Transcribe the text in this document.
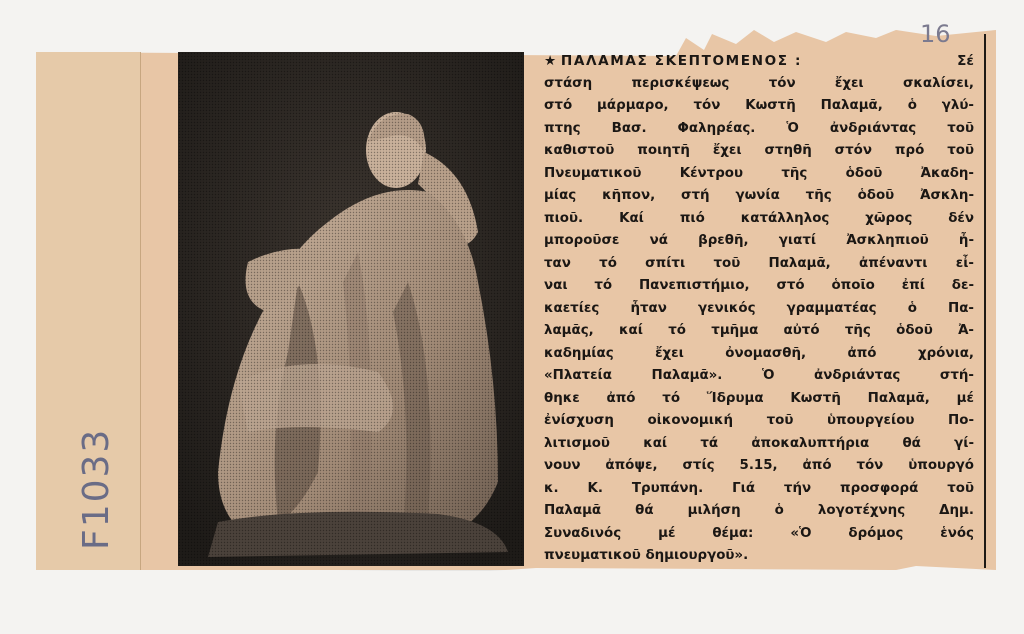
F1033
16
★ ΠΑΛΑΜΑΣ ΣΚΕΠΤΟΜΕΝΟΣ :	Σέ
στάση περισκέψεως τόν ἔχει σκαλίσει,
στό μάρμαρο, τόν Κωστῆ Παλαμᾶ, ὁ γλύ-
πτης Βασ. Φαληρέας. Ὁ ἀνδριάντας τοῦ
καθιστοῦ ποιητῆ ἔχει στηθῆ στόν πρό τοῦ
Πνευματικοῦ Κέντρου τῆς ὁδοῦ Ἀκαδη-
μίας κῆπον, στή γωνία τῆς ὁδοῦ Ἀσκλη-
πιοῦ. Καί πιό κατάλληλος χῶρος δέν
μποροῦσε νά βρεθῆ, γιατί Ἀσκληπιοῦ ἦ-
ταν τό σπίτι τοῦ Παλαμᾶ, ἀπέναντι εἶ-
ναι τό Πανεπιστήμιο, στό ὁποῖο ἐπί δε-
καετίες ἦταν γενικός γραμματέας ὁ Πα-
λαμᾶς, καί τό τμῆμα αὐτό τῆς ὁδοῦ Ἀ-
καδημίας ἔχει ὀνομασθῆ, ἀπό χρόνια,
«Πλατεία Παλαμᾶ». Ὁ ἀνδριάντας στή-
θηκε ἀπό τό Ἵδρυμα Κωστῆ Παλαμᾶ, μέ
ἐνίσχυση οἰκονομική τοῦ ὑπουργείου Πο-
λιτισμοῦ καί τά ἀποκαλυπτήρια θά γί-
νουν ἀπόψε, στίς 5.15, ἀπό τόν ὑπουργό
κ. Κ. Τρυπάνη. Γιά τήν προσφορά τοῦ
Παλαμᾶ θά μιλήση ὁ λογοτέχνης Δημ.
Συναδινός μέ θέμα: «Ὁ δρόμος ἑνός
πνευματικοῦ δημιουργοῦ».
